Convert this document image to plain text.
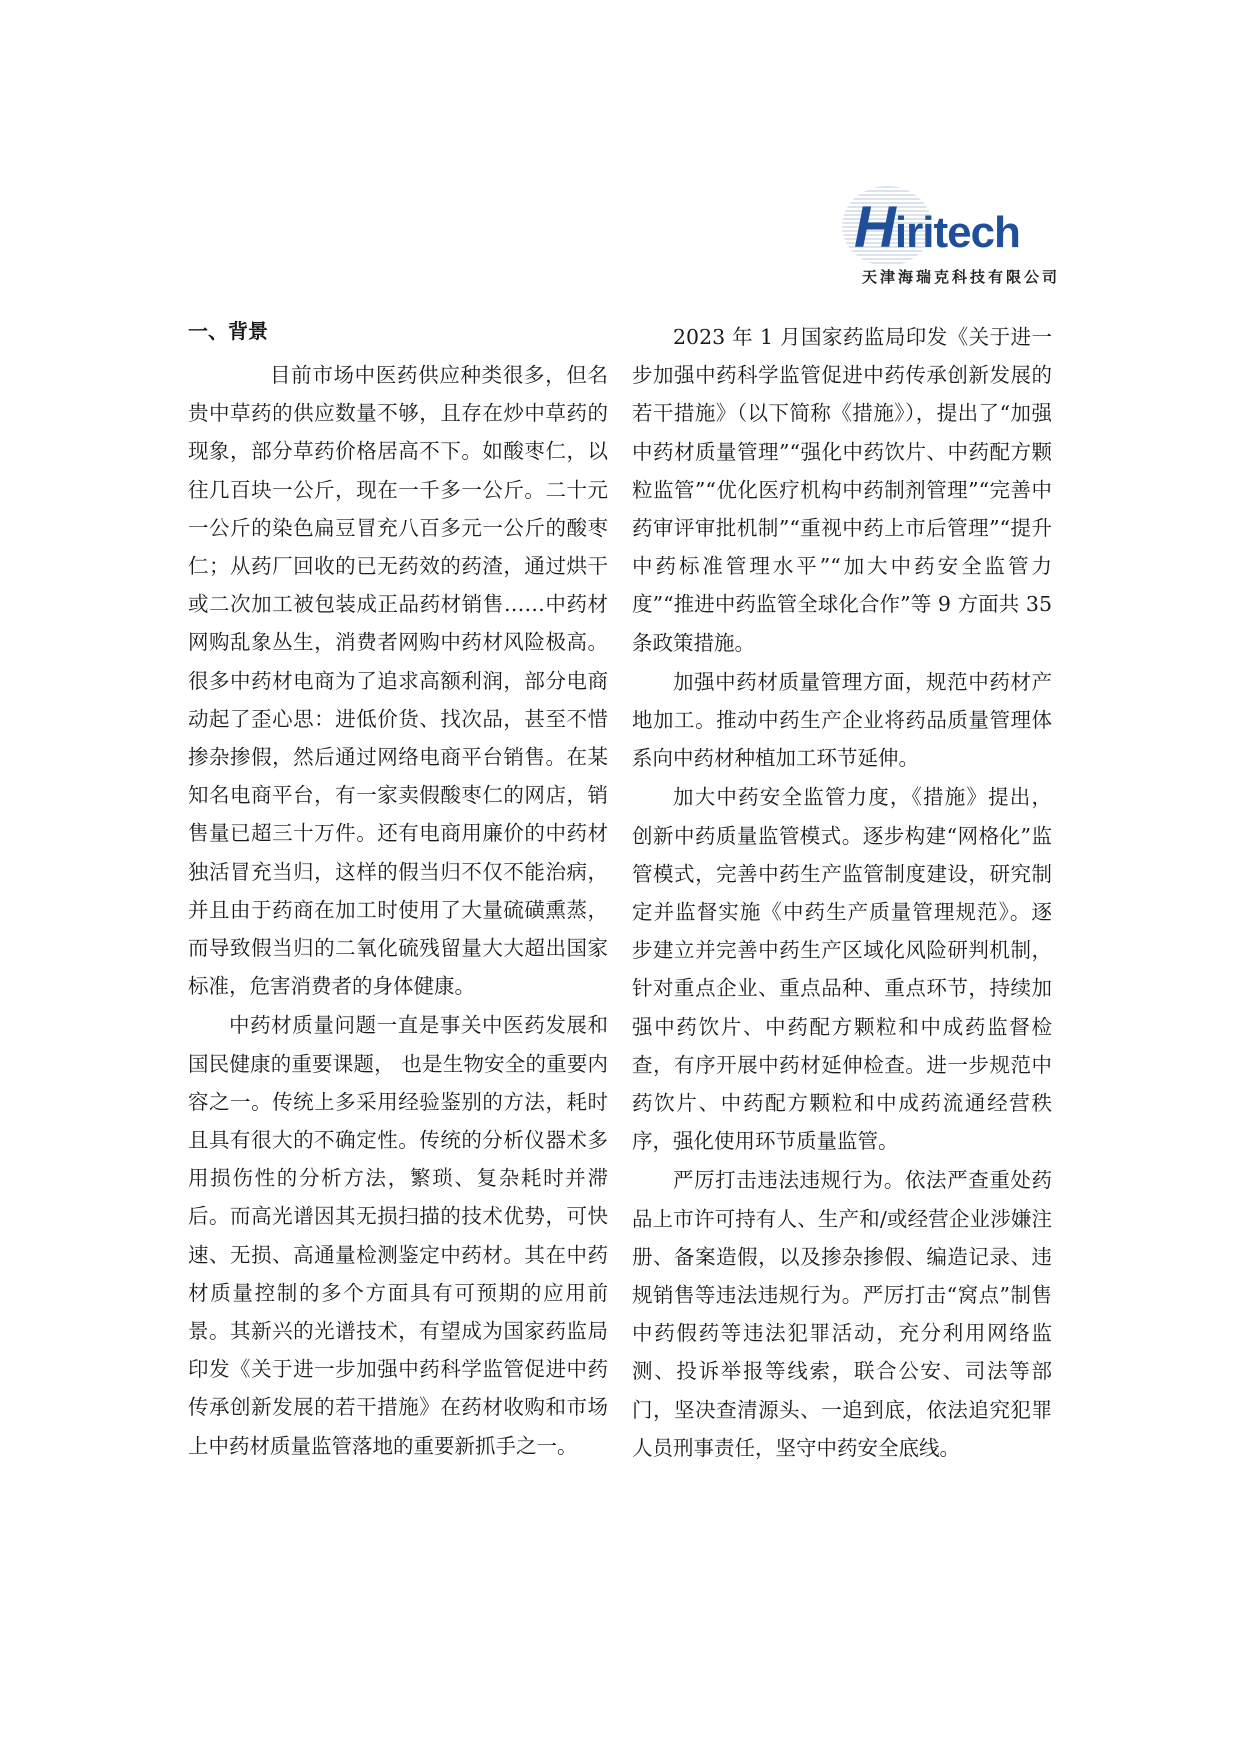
Hiritech
天津海瑞克科技有限公司
一、背景

目前市场中医药供应种类很多，但名贵中草药的供应数量不够，且存在炒中草药的现象，部分草药价格居高不下。如酸枣仁，以往几百块一公斤，现在一千多一公斤。二十元一公斤的染色扁豆冒充八百多元一公斤的酸枣仁；从药厂回收的已无药效的药渣，通过烘干或二次加工被包装成正品药材销售……中药材网购乱象丛生，消费者网购中药材风险极高。很多中药材电商为了追求高额利润，部分电商动起了歪心思：进低价货、找次品，甚至不惜掺杂掺假，然后通过网络电商平台销售。在某知名电商平台，有一家卖假酸枣仁的网店，销售量已超三十万件。还有电商用廉价的中药材独活冒充当归，这样的假当归不仅不能治病，并且由于药商在加工时使用了大量硫磺熏蒸，而导致假当归的二氧化硫残留量大大超出国家标准，危害消费者的身体健康。

中药材质量问题一直是事关中医药发展和国民健康的重要课题， 也是生物安全的重要内容之一。传统上多采用经验鉴别的方法，耗时且具有很大的不确定性。传统的分析仪器术多用损伤性的分析方法，繁琐、复杂耗时并滞后。而高光谱因其无损扫描的技术优势，可快速、无损、高通量检测鉴定中药材。其在中药材质量控制的多个方面具有可预期的应用前景。其新兴的光谱技术，有望成为国家药监局印发《关于进一步加强中药科学监管促进中药传承创新发展的若干措施》在药材收购和市场上中药材质量监管落地的重要新抓手之一。

2023 年 1 月国家药监局印发《关于进一步加强中药科学监管促进中药传承创新发展的若干措施》（以下简称《措施》），提出了“加强中药材质量管理”“强化中药饮片、中药配方颗粒监管”“优化医疗机构中药制剂管理”“完善中药审评审批机制”“重视中药上市后管理”“提升中药标准管理水平”“加大中药安全监管力度”“推进中药监管全球化合作”等 9 方面共 35 条政策措施。

加强中药材质量管理方面，规范中药材产地加工。推动中药生产企业将药品质量管理体系向中药材种植加工环节延伸。

加大中药安全监管力度，《措施》提出，创新中药质量监管模式。逐步构建“网格化”监管模式，完善中药生产监管制度建设，研究制定并监督实施《中药生产质量管理规范》。逐步建立并完善中药生产区域化风险研判机制，针对重点企业、重点品种、重点环节，持续加强中药饮片、中药配方颗粒和中成药监督检查，有序开展中药材延伸检查。进一步规范中药饮片、中药配方颗粒和中成药流通经营秩序，强化使用环节质量监管。

严厉打击违法违规行为。依法严查重处药品上市许可持有人、生产和/或经营企业涉嫌注册、备案造假，以及掺杂掺假、编造记录、违规销售等违法违规行为。严厉打击“窝点”制售中药假药等违法犯罪活动，充分利用网络监测、投诉举报等线索，联合公安、司法等部门，坚决查清源头、一追到底，依法追究犯罪人员刑事责任，坚守中药安全底线。
